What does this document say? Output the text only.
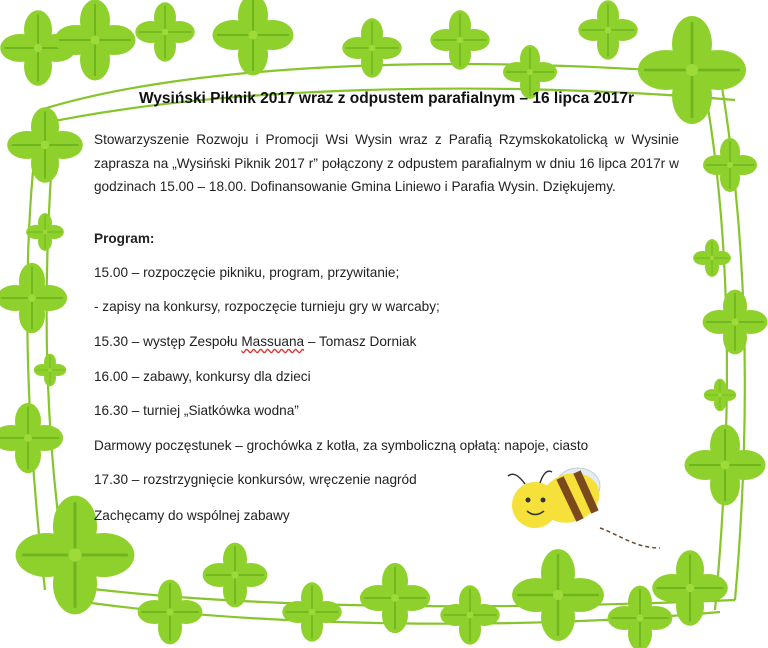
Wysiński Piknik 2017 wraz z odpustem parafialnym – 16 lipca 2017r
Stowarzyszenie Rozwoju i Promocji Wsi Wysin wraz z Parafią Rzymskokatolicką w Wysinie zaprasza na „Wysiński Piknik 2017 r” połączony z odpustem parafialnym w dniu 16 lipca 2017r w godzinach 15.00 – 18.00. Dofinansowanie Gmina Liniewo i Parafia Wysin. Dziękujemy.
Program:
15.00 – rozpoczęcie pikniku, program, przywitanie;
- zapisy na konkursy, rozpoczęcie turnieju gry w warcaby;
15.30 – występ Zespołu Massuana – Tomasz Dorniak
16.00 – zabawy, konkursy dla dzieci
16.30 – turniej „Siatkówka wodna”
Darmowy poczęstunek – grochówka z kotła, za symboliczną opłatą: napoje, ciasto
17.30 – rozstrzygnięcie konkursów, wręczenie nagród
Zachęcamy do wspólnej zabawy
